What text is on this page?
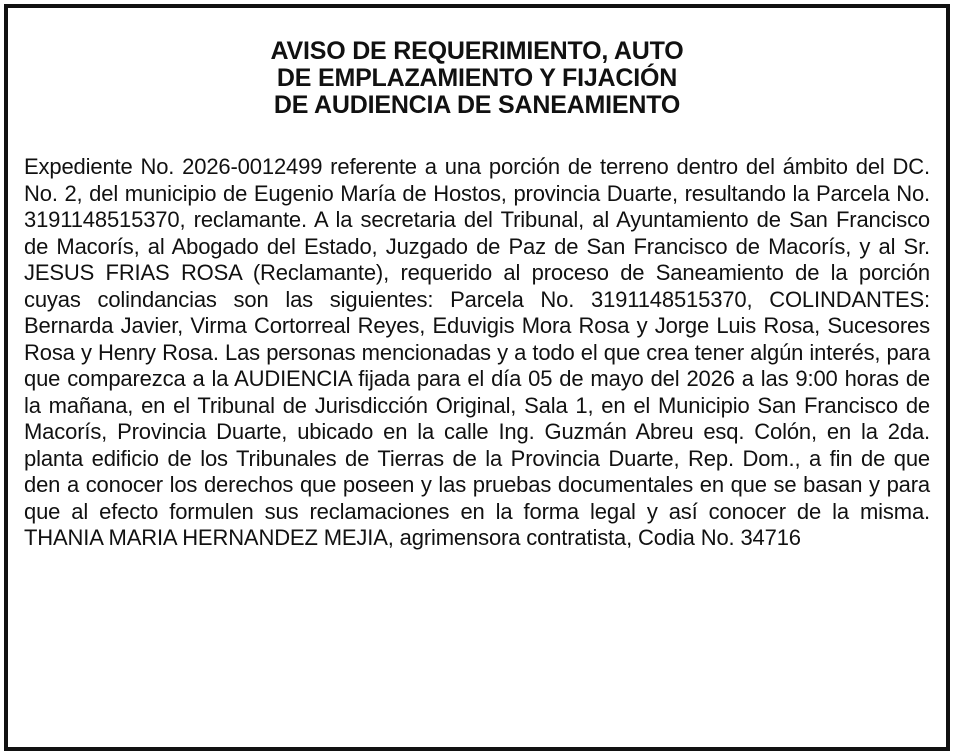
AVISO DE REQUERIMIENTO, AUTO
DE EMPLAZAMIENTO Y FIJACIÓN
DE AUDIENCIA DE SANEAMIENTO

Expediente No. 2026-0012499 referente a una porción de terreno dentro del ámbito del DC. No. 2, del municipio de Eugenio María de Hostos, provincia Duarte, resultando la Parcela No. 3191148515370, reclamante. A la secretaria del Tribunal, al Ayuntamiento de San Francisco de Macorís, al Abogado del Estado, Juzgado de Paz de San Francisco de Macorís, y al Sr. JESUS FRIAS ROSA (Reclamante), requerido al proceso de Saneamiento de la porción cuyas colindancias son las siguientes: Parcela No. 3191148515370, COLINDANTES: Bernarda Javier, Virma Cortorreal Reyes, Eduvigis Mora Rosa y Jorge Luis Rosa, Sucesores Rosa y Henry Rosa. Las personas mencionadas y a todo el que crea tener algún interés, para que comparezca a la AUDIENCIA fijada para el día 05 de mayo del 2026 a las 9:00 horas de la mañana, en el Tribunal de Jurisdicción Original, Sala 1, en el Municipio San Francisco de Macorís, Provincia Duarte, ubicado en la calle Ing. Guzmán Abreu esq. Colón, en la 2da. planta edificio de los Tribunales de Tierras de la Provincia Duarte, Rep. Dom., a fin de que den a conocer los derechos que poseen y las pruebas documentales en que se basan y para que al efecto formulen sus reclamaciones en la forma legal y así conocer de la misma. THANIA MARIA HERNANDEZ MEJIA, agrimensora contratista, Codia No. 34716
